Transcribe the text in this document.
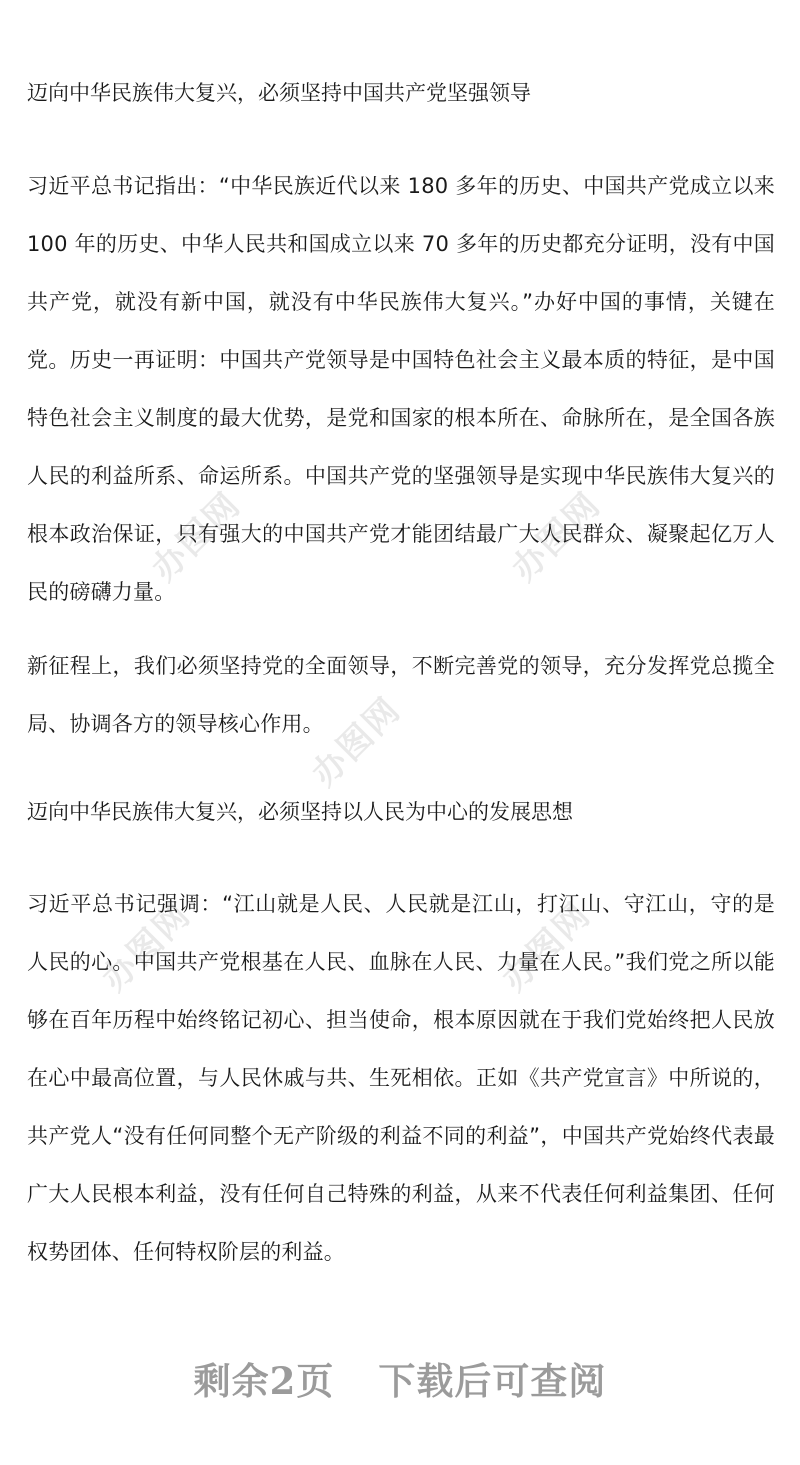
办图网	办图网
办图网
办图网	办图网
迈向中华民族伟大复兴，必须坚持中国共产党坚强领导

习近平总书记指出：“中华民族近代以来 180 多年的历史、中国共产党成立以来 100 年的历史、中华人民共和国成立以来 70 多年的历史都充分证明，没有中国共产党，就没有新中国，就没有中华民族伟大复兴。”办好中国的事情，关键在党。历史一再证明：中国共产党领导是中国特色社会主义最本质的特征，是中国特色社会主义制度的最大优势，是党和国家的根本所在、命脉所在，是全国各族人民的利益所系、命运所系。中国共产党的坚强领导是实现中华民族伟大复兴的根本政治保证，只有强大的中国共产党才能团结最广大人民群众、凝聚起亿万人民的磅礴力量。

新征程上，我们必须坚持党的全面领导，不断完善党的领导，充分发挥党总揽全局、协调各方的领导核心作用。

迈向中华民族伟大复兴，必须坚持以人民为中心的发展思想

习近平总书记强调：“江山就是人民、人民就是江山，打江山、守江山，守的是人民的心。中国共产党根基在人民、血脉在人民、力量在人民。”我们党之所以能够在百年历程中始终铭记初心、担当使命，根本原因就在于我们党始终把人民放在心中最高位置，与人民休戚与共、生死相依。正如《共产党宣言》中所说的，共产党人“没有任何同整个无产阶级的利益不同的利益”，中国共产党始终代表最广大人民根本利益，没有任何自己特殊的利益，从来不代表任何利益集团、任何权势团体、任何特权阶层的利益。

剩余2页 下载后可查阅
